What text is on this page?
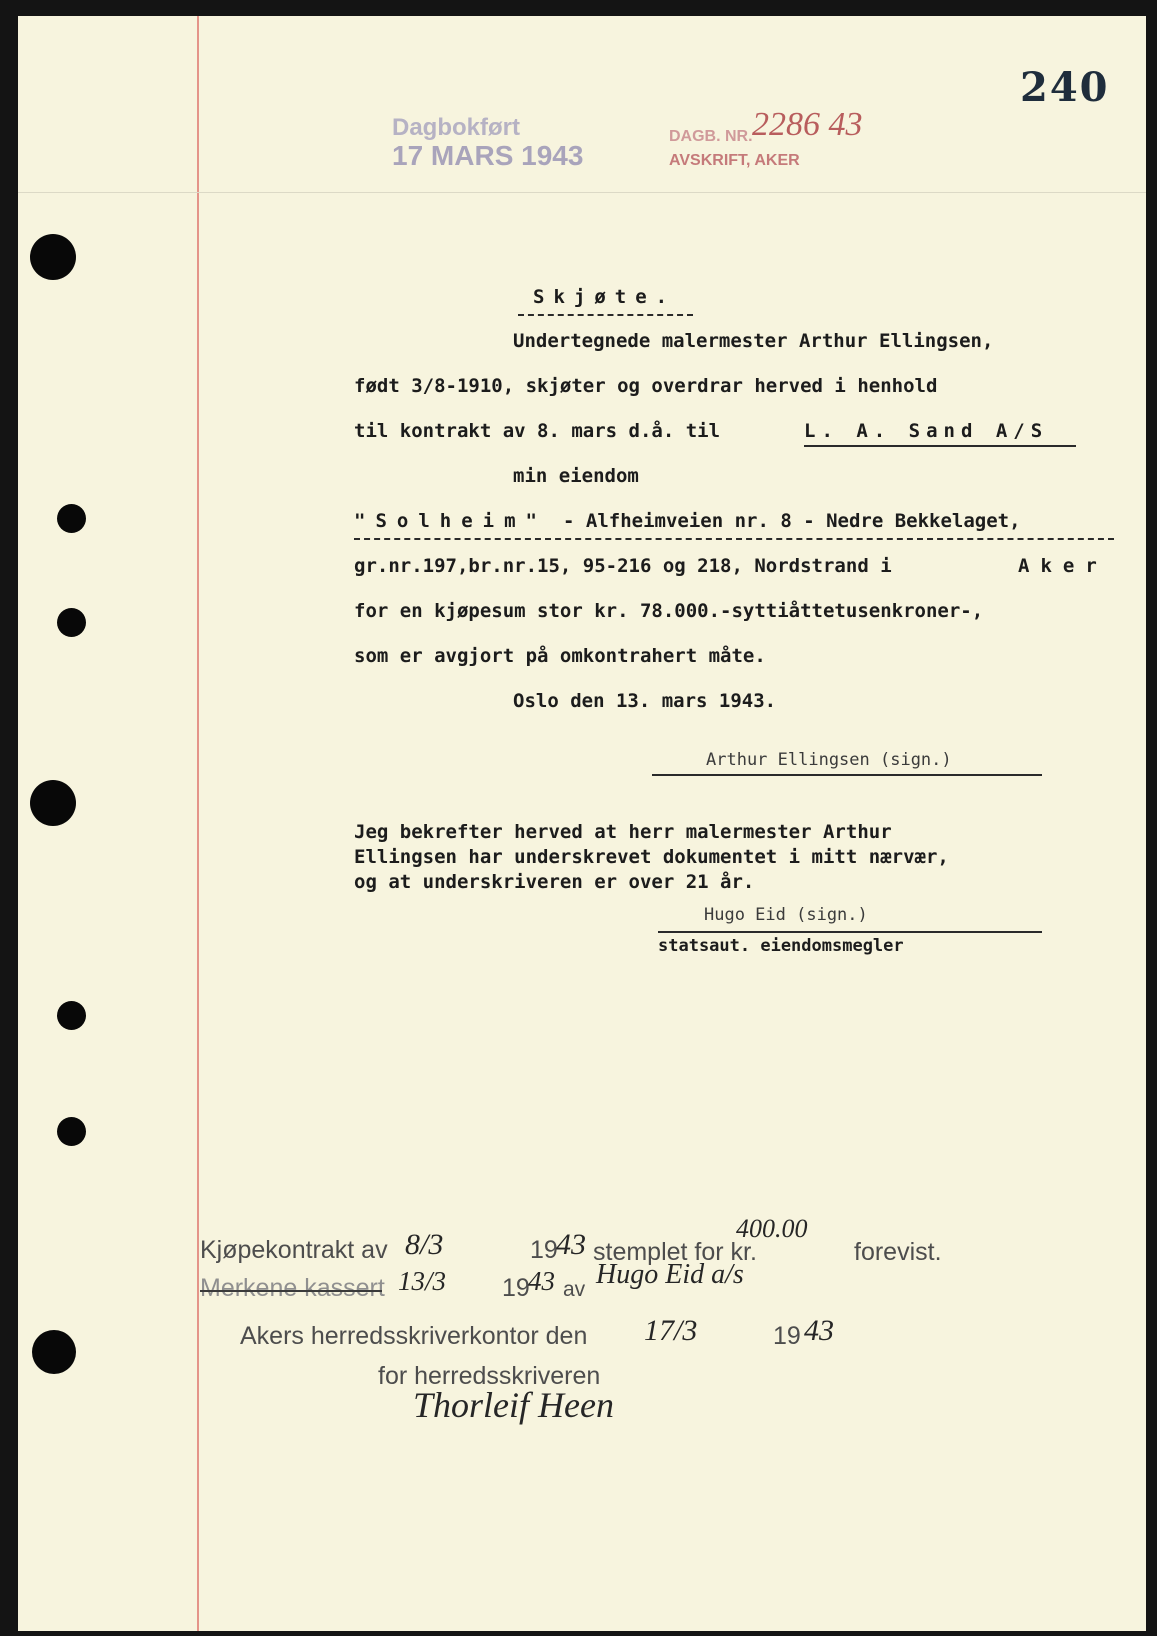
240
Dagbokført
17 MARS 1943
DAGB. NR. 2286 43
AVSKRIFT, AKER
Skjøte.
Undertegnede malermester Arthur Ellingsen,
født 3/8-1910, skjøter og overdrar herved i henhold
til kontrakt av 8. mars d.å. til	L. A. Sand A/S
min eiendom
"Solheim" - Alfheimveien nr. 8 - Nedre Bekkelaget,
gr.nr.197,br.nr.15, 95-216 og 218, Nordstrand i	Aker
for en kjøpesum stor kr. 78.000.-syttiåttetusenkroner-,
som er avgjort på omkontrahert måte.
Oslo den 13. mars 1943.
Arthur Ellingsen (sign.)
Jeg bekrefter herved at herr malermester Arthur
Ellingsen har underskrevet dokumentet i mitt nærvær,
og at underskriveren er over 21 år.
Hugo Eid (sign.)
statsaut. eiendomsmegler
Kjøpekontrakt av 8/3	19
43 stemplet for kr.
400.00
forevist.
Merkene kassert 13/3 19
43 av Hugo Eid a/s
Akers herredsskriverkontor den 17/3	19 43
for herredsskriveren
Thorleif Heen
